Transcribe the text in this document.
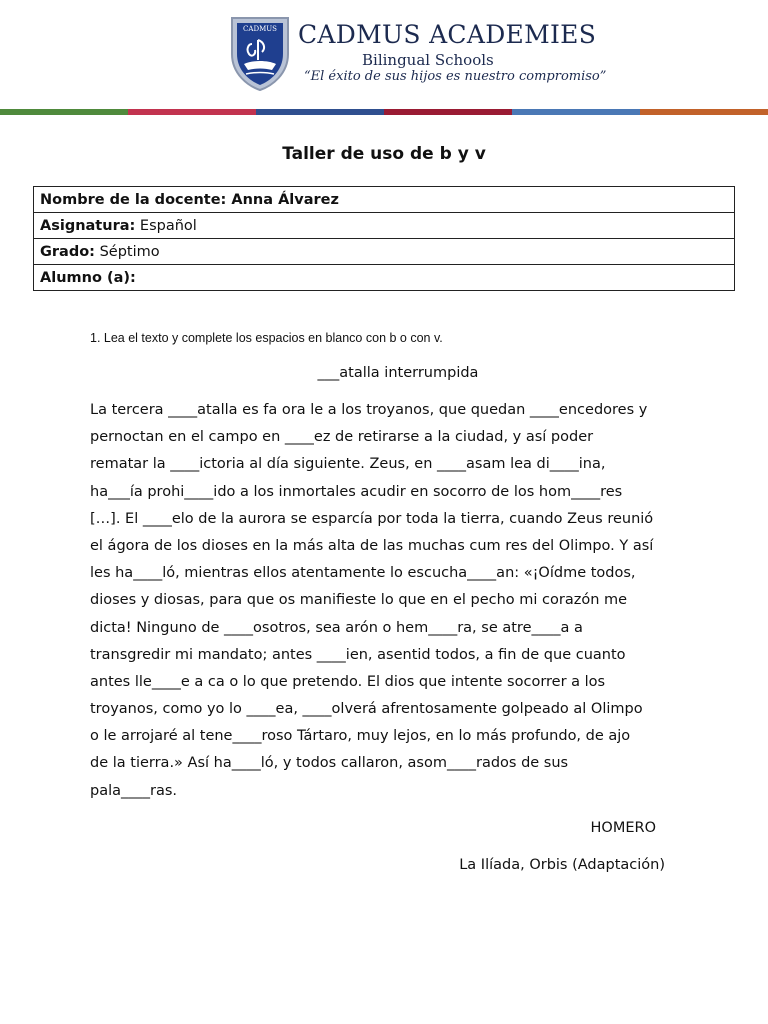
CADMUS CADMUS ACADEMIES
Bilingual Schools
“El éxito de sus hijos es nuestro compromiso”
Taller de uso de b y v
Nombre de la docente: Anna Álvarez
Asignatura: Español
Grado: Séptimo
Alumno (a):
1. Lea el texto y complete los espacios en blanco con b o con v.
___atalla interrumpida
La tercera ____atalla es fa ora le a los troyanos, que quedan ____encedores y
pernoctan en el campo en ____ez de retirarse a la ciudad, y así poder
rematar la ____ictoria al día siguiente. Zeus, en ____asam lea di____ina,
ha___ía prohi____ido a los inmortales acudir en socorro de los hom____res
[…]. El ____elo de la aurora se esparcía por toda la tierra, cuando Zeus reunió
el ágora de los dioses en la más alta de las muchas cum res del Olimpo. Y así
les ha____ló, mientras ellos atentamente lo escucha____an: «¡Oídme todos,
dioses y diosas, para que os manifieste lo que en el pecho mi corazón me
dicta! Ninguno de ____osotros, sea arón o hem____ra, se atre____a a
transgredir mi mandato; antes ____ien, asentid todos, a fin de que cuanto
antes lle____e a ca o lo que pretendo. El dios que intente socorrer a los
troyanos, como yo lo ____ea, ____olverá afrentosamente golpeado al Olimpo
o le arrojaré al tene____roso Tártaro, muy lejos, en lo más profundo, de ajo
de la tierra.» Así ha____ló, y todos callaron, asom____rados de sus
pala____ras.
HOMERO
La Ilíada, Orbis (Adaptación)
